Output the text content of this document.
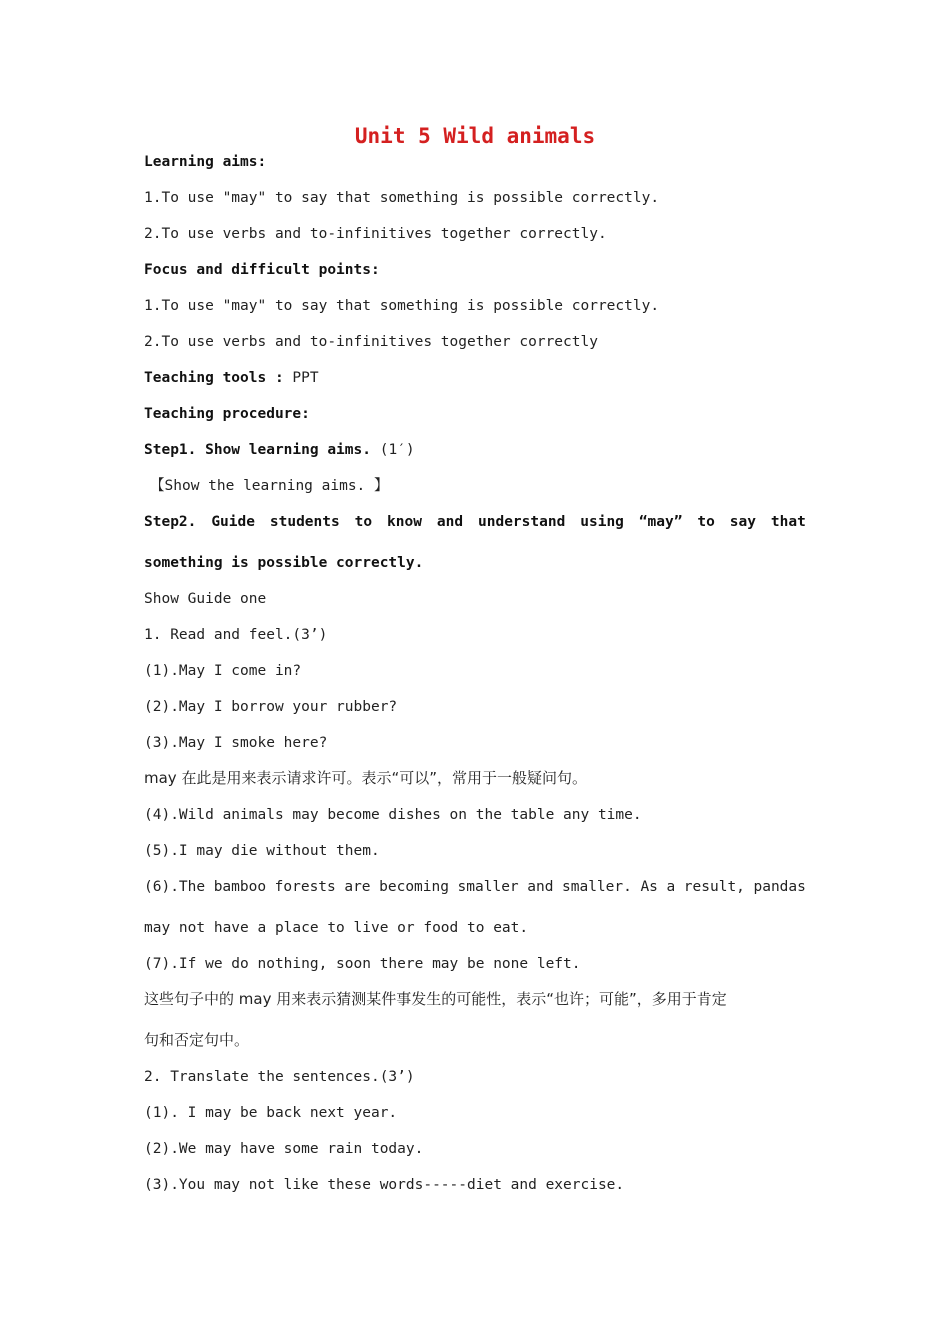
Unit 5 Wild animals
Learning aims:
1.To use "may" to say that something is possible correctly.
2.To use verbs and to-infinitives together correctly.
Focus and difficult points:
1.To use "may" to say that something is possible correctly.
2.To use verbs and to-infinitives together correctly
Teaching tools : PPT
Teaching procedure:
Step1. Show learning aims. (1′)
【Show the learning aims. 】
Step2. Guide students to know and understand using “may” to say that
something is possible correctly.
Show Guide one
1. Read and feel.(3’)
(1).May I come in?
(2).May I borrow your rubber?
(3).May I smoke here?
may 在此是用来表示请求许可。表示“可以”，常用于一般疑问句。
(4).Wild animals may become dishes on the table any time.
(5).I may die without them.
(6).The bamboo forests are becoming smaller and smaller. As a result, pandas
may not have a place to live or food to eat.
(7).If we do nothing, soon there may be none left.
这些句子中的 may 用来表示猜测某件事发生的可能性，表示“也许；可能”，多用于肯定
句和否定句中。
2. Translate the sentences.(3’)
(1). I may be back next year.
(2).We may have some rain today.
(3).You may not like these words-----diet and exercise.
